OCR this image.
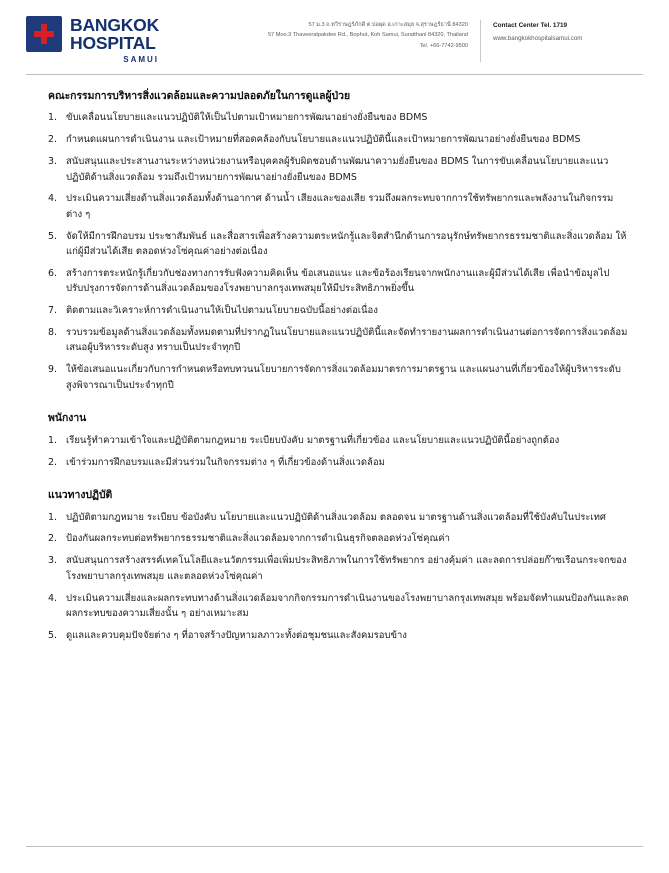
BANGKOK
HOSPITAL
SAMUI
57 ม.3 ถ.ทวีราษฎร์ภักดี ต.บ่อผุด อ.เกาะสมุย จ.สุราษฎร์ธานี 84320
57 Moo.3 Thaveeratpakdee Rd., Bophut, Koh Samui, Suratthani 84320, Thailand
Tel. +66-7742-9500
Contact Center Tel. 1719
www.bangkokhospitalsamui.com
คณะกรรมการบริหารสิ่งแวดล้อมและความปลอดภัยในการดูแลผู้ป่วย
1. ขับเคลื่อนนโยบายและแนวปฏิบัติให้เป็นไปตามเป้าหมายการพัฒนาอย่างยั่งยืนของ BDMS
2. กำหนดแผนการดำเนินงาน และเป้าหมายที่สอดคล้องกับนโยบายและแนวปฏิบัตินี้และเป้าหมายการพัฒนาอย่างยั่งยืนของ BDMS
3. สนับสนุนและประสานงานระหว่างหน่วยงานหรือบุคคลผู้รับผิดชอบด้านพัฒนาความยั่งยืนของ BDMS ในการขับเคลื่อนนโยบายและแนวปฏิบัติด้านสิ่งแวดล้อม รวมถึงเป้าหมายการพัฒนาอย่างยั่งยืนของ BDMS
4. ประเมินความเสี่ยงด้านสิ่งแวดล้อมทั้งด้านอากาศ ด้านน้ำ เสียงและของเสีย รวมถึงผลกระทบจากการใช้ทรัพยากรและพลังงานในกิจกรรมต่าง ๆ
5. จัดให้มีการฝึกอบรม ประชาสัมพันธ์ และสื่อสารเพื่อสร้างความตระหนักรู้และจิตสำนึกด้านการอนุรักษ์ทรัพยากรธรรมชาติและสิ่งแวดล้อม ให้แก่ผู้มีส่วนได้เสีย ตลอดห่วงโซ่คุณค่าอย่างต่อเนื่อง
6. สร้างการตระหนักรู้เกี่ยวกับช่องทางการรับฟังความคิดเห็น ข้อเสนอแนะ และข้อร้องเรียนจากพนักงานและผู้มีส่วนได้เสีย เพื่อนำข้อมูลไปปรับปรุงการจัดการด้านสิ่งแวดล้อมของโรงพยาบาลกรุงเทพสมุยให้มีประสิทธิภาพยิ่งขึ้น
7. ติดตามและวิเคราะห์การดำเนินงานให้เป็นไปตามนโยบายฉบับนี้อย่างต่อเนื่อง
8. รวบรวมข้อมูลด้านสิ่งแวดล้อมทั้งหมดตามที่ปรากฏในนโยบายและแนวปฏิบัตินี้และจัดทำรายงานผลการดำเนินงานต่อการจัดการสิ่งแวดล้อมเสนอผู้บริหารระดับสูง ทราบเป็นประจำทุกปี
9. ให้ข้อเสนอแนะเกี่ยวกับการกำหนดหรือทบทวนนโยบายการจัดการสิ่งแวดล้อมมาตรการมาตรฐาน และแผนงานที่เกี่ยวข้องให้ผู้บริหารระดับสูงพิจารณาเป็นประจำทุกปี
พนักงาน
1. เรียนรู้ทำความเข้าใจและปฏิบัติตามกฎหมาย ระเบียบบังคับ มาตรฐานที่เกี่ยวข้อง และนโยบายและแนวปฏิบัตินี้อย่างถูกต้อง
2. เข้าร่วมการฝึกอบรมและมีส่วนร่วมในกิจกรรมต่าง ๆ ที่เกี่ยวข้องด้านสิ่งแวดล้อม
แนวทางปฏิบัติ
1. ปฏิบัติตามกฎหมาย ระเบียบ ข้อบังคับ นโยบายและแนวปฏิบัติด้านสิ่งแวดล้อม ตลอดจน มาตรฐานด้านสิ่งแวดล้อมที่ใช้บังคับในประเทศ
2. ป้องกันผลกระทบต่อทรัพยากรธรรมชาติและสิ่งแวดล้อมจากการดำเนินธุรกิจตลอดห่วงโซ่คุณค่า
3. สนับสนุนการสร้างสรรค์เทคโนโลยีและนวัตกรรมเพื่อเพิ่มประสิทธิภาพในการใช้ทรัพยากร อย่างคุ้มค่า และลดการปล่อยก๊าซเรือนกระจกของโรงพยาบาลกรุงเทพสมุย และตลอดห่วงโซ่คุณค่า
4. ประเมินความเสี่ยงและผลกระทบทางด้านสิ่งแวดล้อมจากกิจกรรมการดำเนินงานของโรงพยาบาลกรุงเทพสมุย พร้อมจัดทำแผนป้องกันและลดผลกระทบของความเสี่ยงนั้น ๆ อย่างเหมาะสม
5. ดูแลและควบคุมปัจจัยต่าง ๆ ที่อาจสร้างปัญหามลภาวะทั้งต่อชุมชนและสังคมรอบข้าง
